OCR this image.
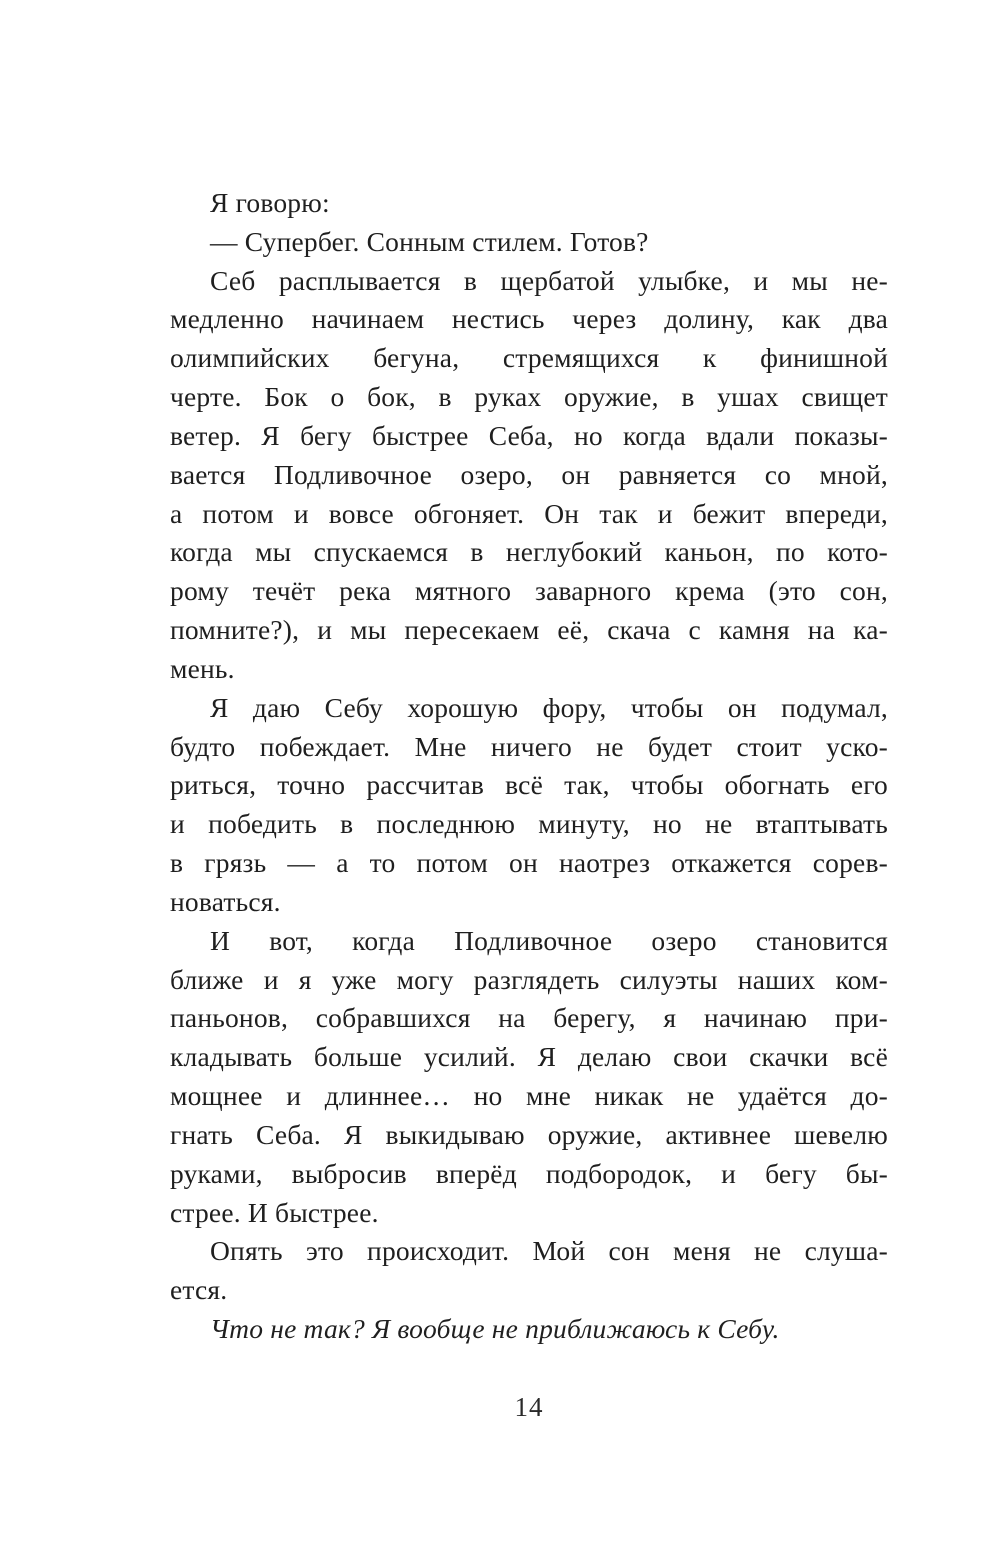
Я говорю:
— Супербег. Сонным стилем. Готов?
Себ расплывается в щербатой улыбке, и мы не-
медленно начинаем нестись через долину, как два
олимпийских бегуна, стремящихся к финишной
черте. Бок о бок, в руках оружие, в ушах свищет
ветер. Я бегу быстрее Себа, но когда вдали показы-
вается Подливочное озеро, он равняется со мной,
а потом и вовсе обгоняет. Он так и бежит впереди,
когда мы спускаемся в неглубокий каньон, по кото-
рому течёт река мятного заварного крема (это сон,
помните?), и мы пересекаем её, скача с камня на ка-
мень.
Я даю Себу хорошую фору, чтобы он подумал,
будто побеждает. Мне ничего не будет стоит уско-
риться, точно рассчитав всё так, чтобы обогнать его
и победить в последнюю минуту, но не втаптывать
в грязь — а то потом он наотрез откажется сорев-
новаться.
И вот, когда Подливочное озеро становится
ближе и я уже могу разглядеть силуэты наших ком-
паньонов, собравшихся на берегу, я начинаю при-
кладывать больше усилий. Я делаю свои скачки всё
мощнее и длиннее… но мне никак не удаётся до-
гнать Себа. Я выкидываю оружие, активнее шевелю
руками, выбросив вперёд подбородок, и бегу бы-
стрее. И быстрее.
Опять это происходит. Мой сон меня не слуша-
ется.
Что не так? Я вообще не приближаюсь к Себу.
14
